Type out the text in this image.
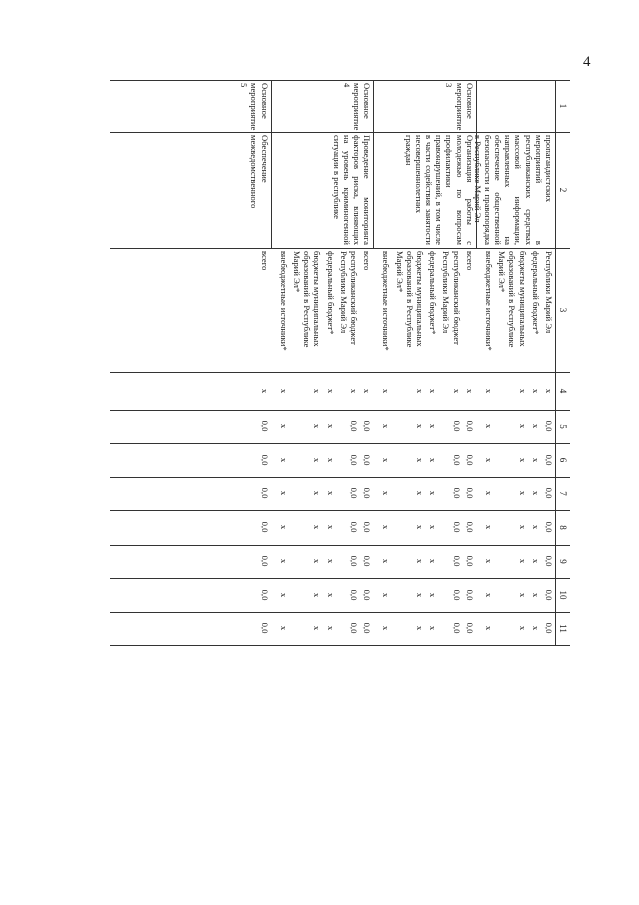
4
1
2
3
4
5
6
7
8
9
10
11
Республики Марий Эл
х
0,0
0,0
0,0
0,0
0,0
0,0
0,0
федеральный бюджет*
х
х
х
х
х
х
х
х
бюджеты муниципальных
образований в Республике
Марий Эл*
х
х
х
х
х
х
х
х
внебюджетные источники*
х
х
х
х
х
х
х
х
пропагандистских мероприятий в республиканских средствах массовой информации, направленных на обеспечение общественной безопасности и правопорядка в Республике Марий Эл
всего
х
0,0
0,0
0,0
0,0
0,0
0,0
0,0
республиканский бюджет
Республики Марий Эл
х
0,0
0,0
0,0
0,0
0,0
0,0
0,0
федеральный бюджет*
х
х
х
х
х
х
х
х
бюджеты муниципальных
образований в Республике
Марий Эл*
х
х
х
х
х
х
х
х
внебюджетные источники*
х
х
х
х
х
х
х
х
Основное мероприятие 3
Организация работы с молодежью по вопросам профилактики правонарушений, в том числе в части содействия занятости несовершеннолетних граждан
всего
х
0,0
0,0
0,0
0,0
0,0
0,0
0,0
республиканский бюджет
Республики Марий Эл
х
0,0
0,0
0,0
0,0
0,0
0,0
0,0
федеральный бюджет*
х
х
х
х
х
х
х
х
бюджеты муниципальных
образований в Республике
Марий Эл*
х
х
х
х
х
х
х
х
внебюджетные источники*
х
х
х
х
х
х
х
х
Основное мероприятие 4
Проведение мониторинга факторов риска, влияющих на уровень криминогенной ситуации в республике
всего
х
0,0
0,0
0,0
0,0
0,0
0,0
0,0
Основное мероприятие 5
Обеспечение межведомственного
